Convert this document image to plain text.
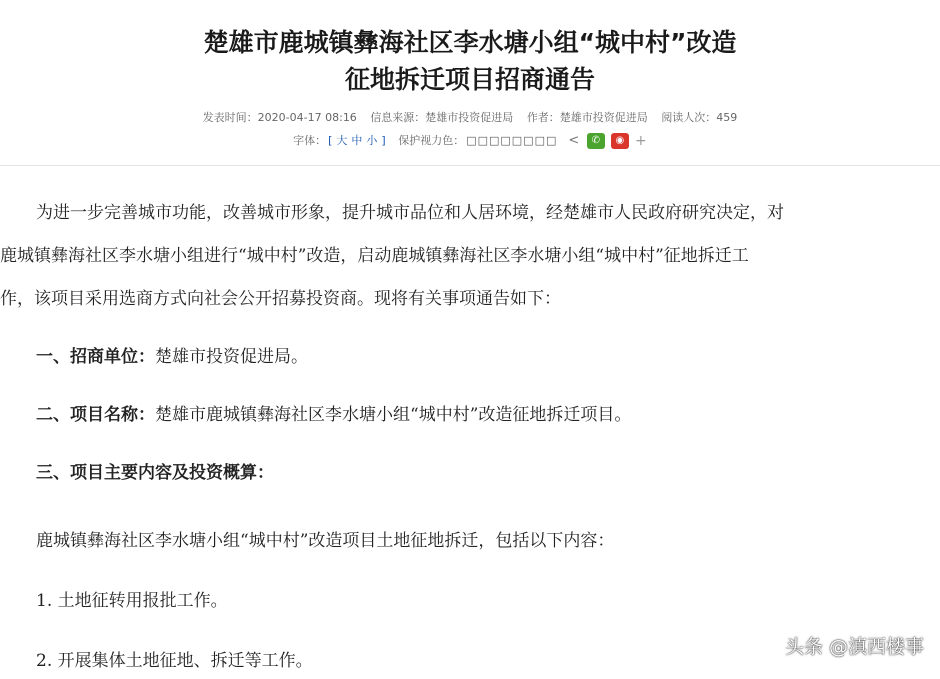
楚雄市鹿城镇彝海社区李水塘小组“城中村”改造
征地拆迁项目招商通告
发表时间：2020-04-17 08:16 信息来源：楚雄市投资促进局 作者：楚雄市投资促进局 阅读人次：459
字体： [ 大 中 小 ] 保护视力色： □□□□□□□□ < ✆ ◉ +
为进一步完善城市功能，改善城市形象，提升城市品位和人居环境，经楚雄市人民政府研究决定，对
鹿城镇彝海社区李水塘小组进行“城中村”改造，启动鹿城镇彝海社区李水塘小组“城中村”征地拆迁工
作，该项目采用选商方式向社会公开招募投资商。现将有关事项通告如下：
一、招商单位：楚雄市投资促进局。
二、项目名称：楚雄市鹿城镇彝海社区李水塘小组“城中村”改造征地拆迁项目。
三、项目主要内容及投资概算：
鹿城镇彝海社区李水塘小组“城中村”改造项目土地征地拆迁，包括以下内容：
1. 土地征转用报批工作。
2. 开展集体土地征地、拆迁等工作。
头条 @滇西楼事
